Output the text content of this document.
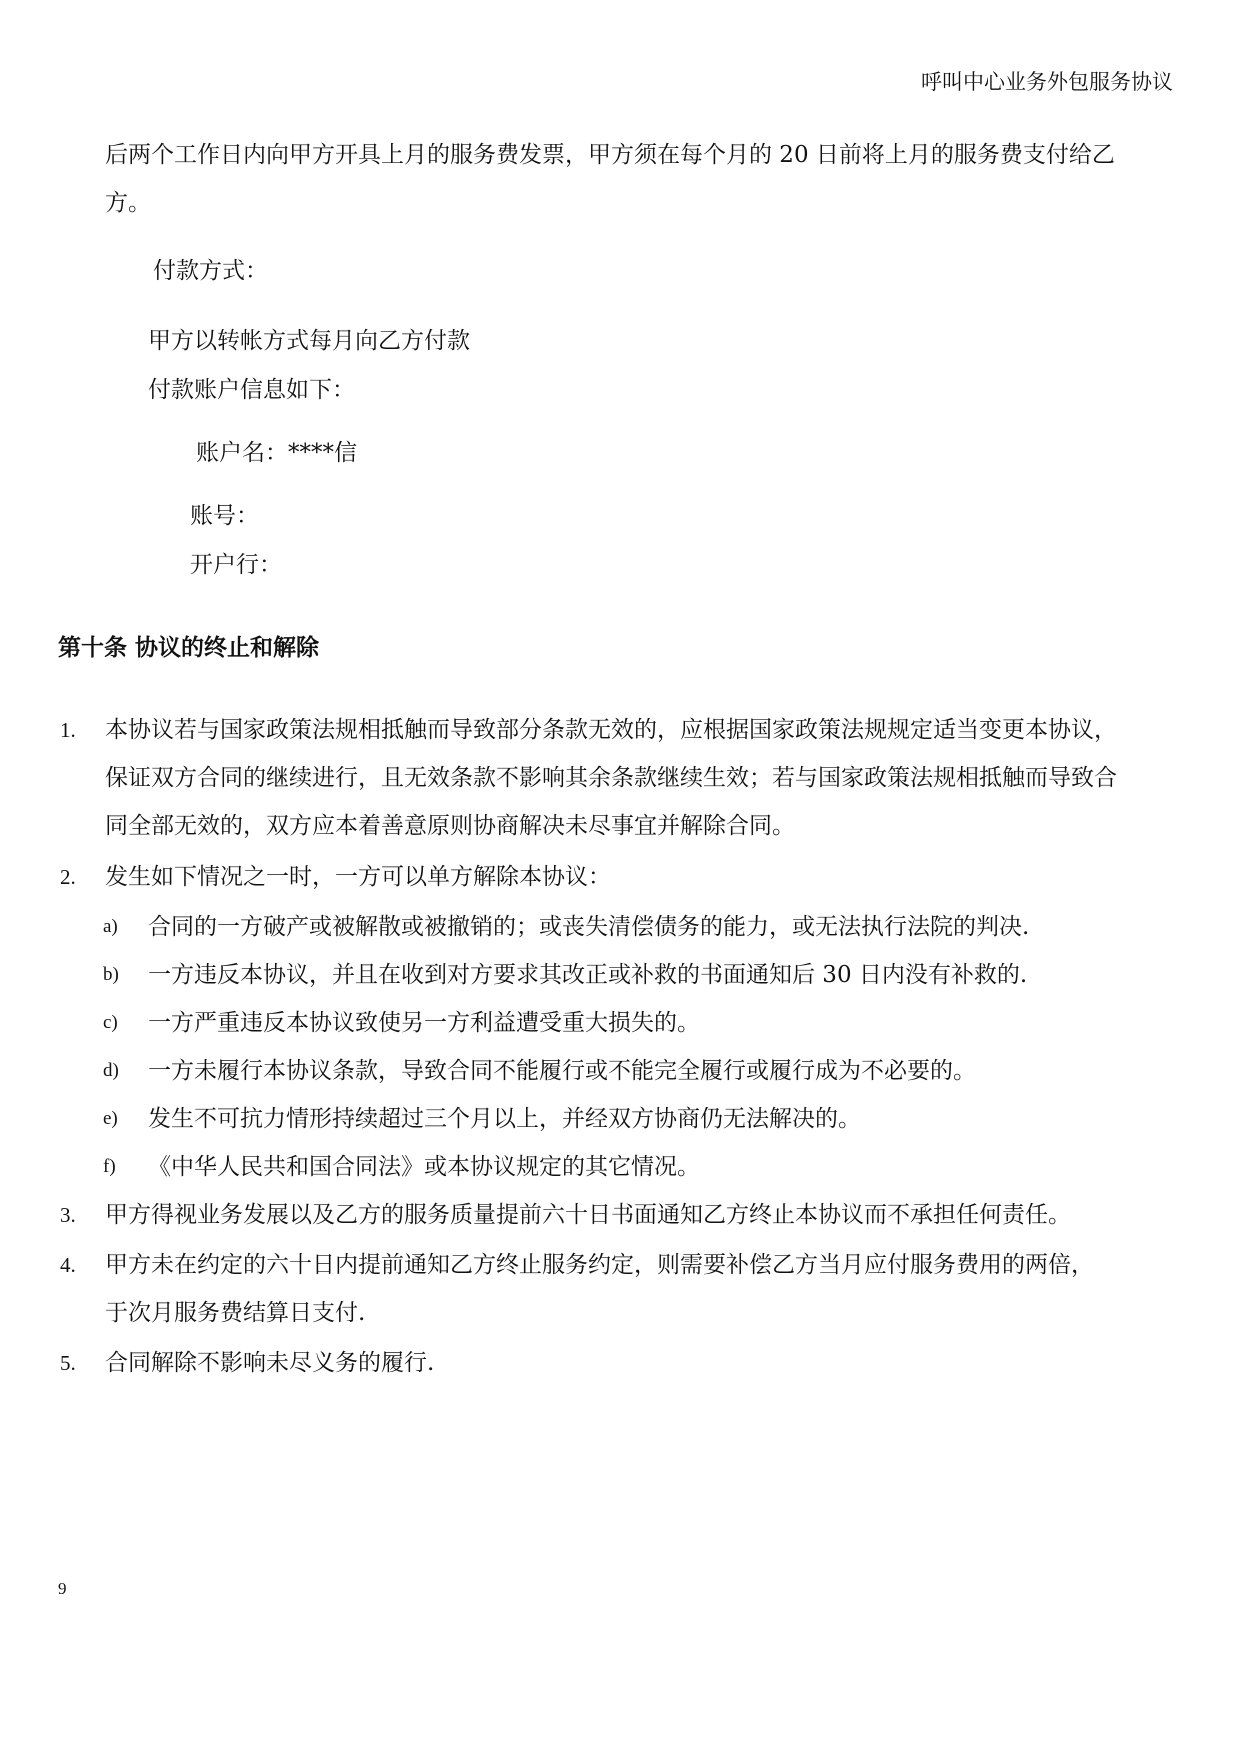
呼叫中心业务外包服务协议
后两个工作日内向甲方开具上月的服务费发票，甲方须在每个月的 20 日前将上月的服务费支付给乙
方。
付款方式：
甲方以转帐方式每月向乙方付款
付款账户信息如下：
账户名：****信
账号：
开户行：
第十条 协议的终止和解除
1. 本协议若与国家政策法规相抵触而导致部分条款无效的，应根据国家政策法规规定适当变更本协议，
保证双方合同的继续进行，且无效条款不影响其余条款继续生效；若与国家政策法规相抵触而导致合
同全部无效的，双方应本着善意原则协商解决未尽事宜并解除合同。
2. 发生如下情况之一时，一方可以单方解除本协议：
a) 合同的一方破产或被解散或被撤销的；或丧失清偿债务的能力，或无法执行法院的判决.
b) 一方违反本协议，并且在收到对方要求其改正或补救的书面通知后 30 日内没有补救的.
c) 一方严重违反本协议致使另一方利益遭受重大损失的。
d) 一方未履行本协议条款，导致合同不能履行或不能完全履行或履行成为不必要的。
e) 发生不可抗力情形持续超过三个月以上，并经双方协商仍无法解决的。
f) 《中华人民共和国合同法》或本协议规定的其它情况。
3. 甲方得视业务发展以及乙方的服务质量提前六十日书面通知乙方终止本协议而不承担任何责任。
4. 甲方未在约定的六十日内提前通知乙方终止服务约定，则需要补偿乙方当月应付服务费用的两倍，
于次月服务费结算日支付.
5. 合同解除不影响未尽义务的履行.
9
